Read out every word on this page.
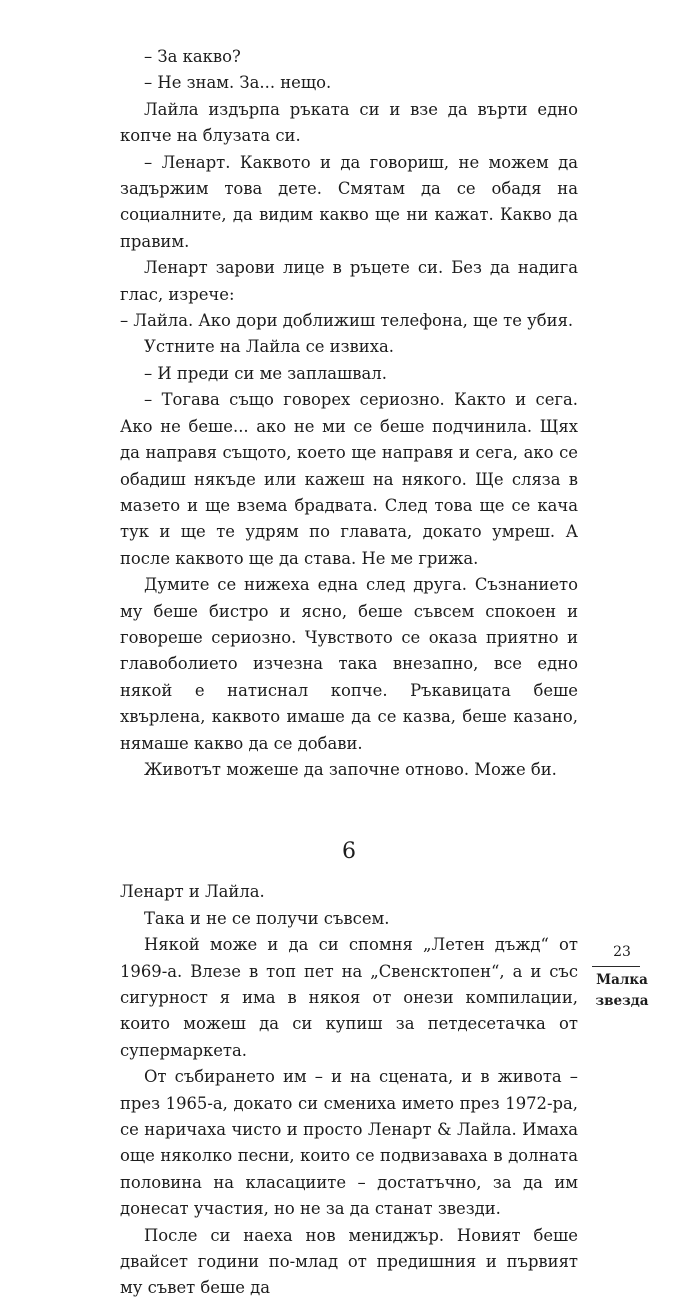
– За какво?

– Не знам. За... нещо.

Лайла издърпа ръката си и взе да върти едно копче на блузата си.

– Ленарт. Каквото и да говориш, не можем да задържим това дете. Смятам да се обадя на социалните, да видим какво ще ни кажат. Какво да правим.

Ленарт зарови лице в ръцете си. Без да надига глас, изрече:

– Лайла. Ако дори доближиш телефона, ще те убия.

Устните на Лайла се извиха.

– И преди си ме заплашвал.

– Тогава също говорех сериозно. Както и сега. Ако не беше... ако не ми се беше подчинила. Щях да направя същото, което ще направя и сега, ако се обадиш някъде или кажеш на някого. Ще сляза в мазето и ще взема брадвата. След това ще се кача тук и ще те удрям по главата, докато умреш. А после каквото ще да става. Не ме грижа.

Думите се нижеха една след друга. Съзнанието му беше бистро и ясно, беше съвсем спокоен и говореше сериозно. Чувството се оказа приятно и главоболието изчезна така внезапно, все едно някой е натиснал копче. Ръкавицата беше хвърлена, каквото имаше да се казва, беше казано, нямаше какво да се добави.

Животът можеше да започне отново. Може би.

6

Ленарт и Лайла.

Така и не се получи съвсем.

Някой може и да си спомня „Летен дъжд“ от 1969-а. Влезе в топ пет на „Свенсктопен“, а и със сигурност я има в някоя от онези компилации, които можеш да си купиш за петдесетачка от супермаркета.

От събирането им – и на сцената, и в живота – през 1965-а, докато си смениха името през 1972-ра, се наричаха чисто и просто Ленарт & Лайла. Имаха още няколко песни, които се подвизаваха в долната половина на класациите – достатъчно, за да им донесат участия, но не за да станат звезди.

После си наеха нов мениджър. Новият беше двайсет години по-млад от предишния и първият му съвет беше да

23
Малка
звезда
